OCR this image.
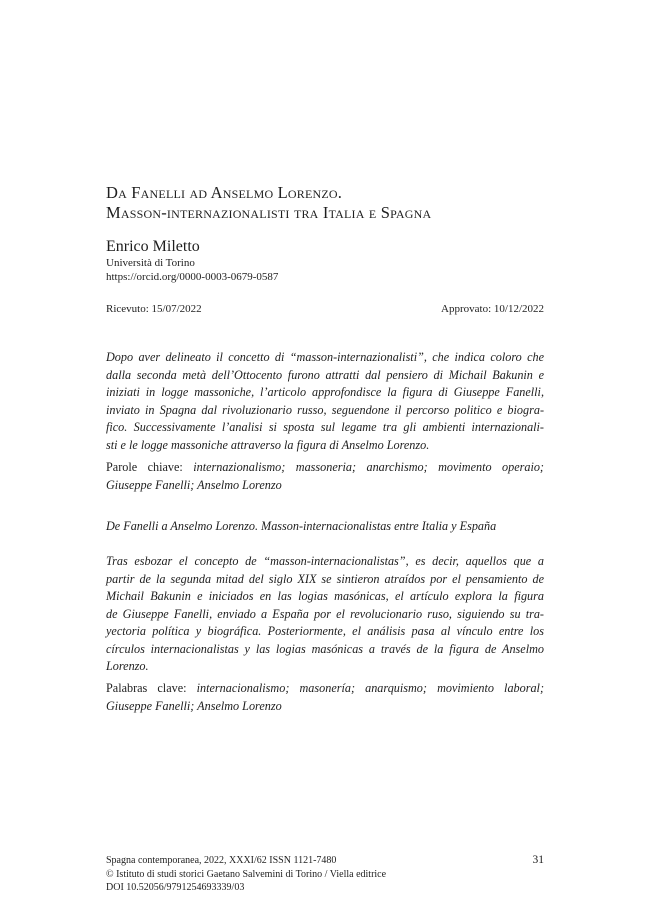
Da Fanelli ad Anselmo Lorenzo.
Masson-internazionalisti tra Italia e Spagna
Enrico Miletto
Università di Torino
https://orcid.org/0000-0003-0679-0587
Ricevuto: 15/07/2022	Approvato: 10/12/2022
Dopo aver delineato il concetto di “masson-internazionalisti”, che indica coloro che
dalla seconda metà dell’Ottocento furono attratti dal pensiero di Michail Bakunin e
iniziati in logge massoniche, l’articolo approfondisce la figura di Giuseppe Fanelli,
inviato in Spagna dal rivoluzionario russo, seguendone il percorso politico e biogra-
fico. Successivamente l’analisi si sposta sul legame tra gli ambienti internazionali-
sti e le logge massoniche attraverso la figura di Anselmo Lorenzo.
Parole chiave: internazionalismo; massoneria; anarchismo; movimento operaio;
Giuseppe Fanelli; Anselmo Lorenzo
De Fanelli a Anselmo Lorenzo. Masson-internacionalistas entre Italia y España
Tras esbozar el concepto de “masson-internacionalistas”, es decir, aquellos que a
partir de la segunda mitad del siglo XIX se sintieron atraídos por el pensamiento de
Michail Bakunin e iniciados en las logias masónicas, el artículo explora la figura
de Giuseppe Fanelli, enviado a España por el revolucionario ruso, siguiendo su tra-
yectoria política y biográfica. Posteriormente, el análisis pasa al vínculo entre los
círculos internacionalistas y las logias masónicas a través de la figura de Anselmo
Lorenzo.
Palabras clave: internacionalismo; masonería; anarquismo; movimiento laboral;
Giuseppe Fanelli; Anselmo Lorenzo
Spagna contemporanea, 2022, XXXI/62 ISSN 1121-7480
© Istituto di studi storici Gaetano Salvemini di Torino / Viella editrice
DOI 10.52056/9791254693339/03
31
